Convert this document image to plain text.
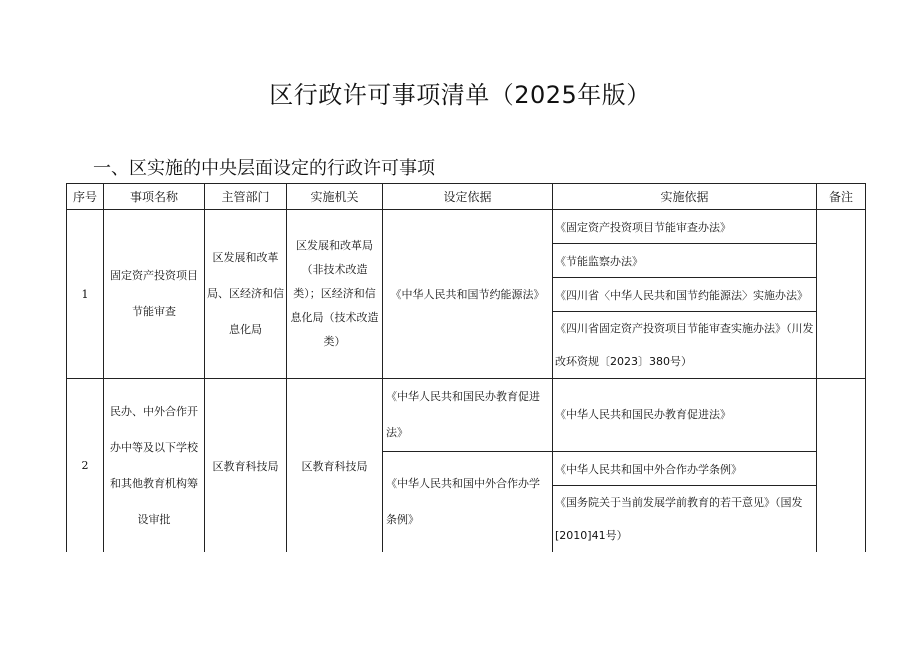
区行政许可事项清单（2025年版）
一、区实施的中央层面设定的行政许可事项
序号	事项名称	主管部门	实施机关	设定依据	实施依据	备注
1	固定资产投资项目节能审查	区发展和改革局、区经济和信息化局	区发展和改革局（非技术改造类）；区经济和信息化局（技术改造类）	《中华人民共和国节约能源法》	《固定资产投资项目节能审查办法》	
					《节能监察办法》	
					《四川省〈中华人民共和国节约能源法〉实施办法》	
					《四川省固定资产投资项目节能审查实施办法》（川发改环资规〔2023〕380号）	
2	民办、中外合作开办中等及以下学校和其他教育机构筹设审批	区教育科技局	区教育科技局	《中华人民共和国民办教育促进法》	《中华人民共和国民办教育促进法》	
				《中华人民共和国中外合作办学条例》	《中华人民共和国中外合作办学条例》	
					《国务院关于当前发展学前教育的若干意见》（国发[2010]41号）	
